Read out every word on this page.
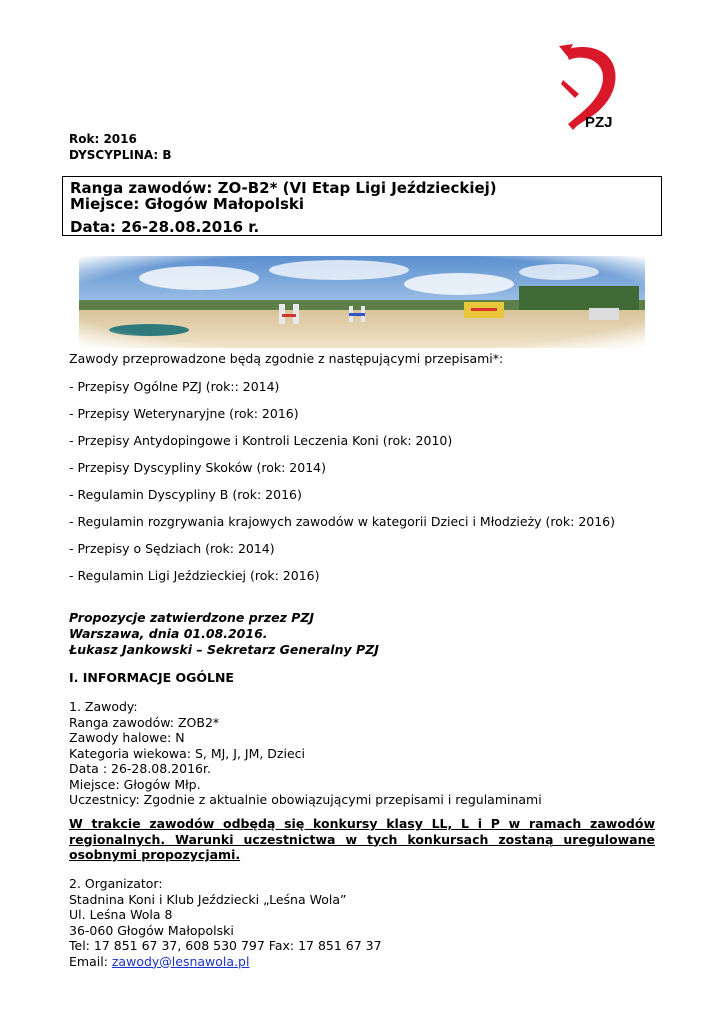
PZJ
Rok: 2016
DYSCYPLINA: B
Ranga zawodów: ZO-B2* (VI Etap Ligi Jeździeckiej)
Miejsce: Głogów Małopolski
Data: 26-28.08.2016 r.
Zawody przeprowadzone będą zgodnie z następującymi przepisami*:
- Przepisy Ogólne PZJ (rok:: 2014)
- Przepisy Weterynaryjne (rok: 2016)
- Przepisy Antydopingowe i Kontroli Leczenia Koni (rok: 2010)
- Przepisy Dyscypliny Skoków (rok: 2014)
- Regulamin Dyscypliny B (rok: 2016)
- Regulamin rozgrywania krajowych zawodów w kategorii Dzieci i Młodzieży (rok: 2016)
- Przepisy o Sędziach (rok: 2014)
- Regulamin Ligi Jeździeckiej (rok: 2016)
Propozycje zatwierdzone przez PZJ
Warszawa, dnia 01.08.2016.
Łukasz Jankowski – Sekretarz Generalny PZJ
I. INFORMACJE OGÓLNE
1. Zawody:
Ranga zawodów: ZOB2*
Zawody halowe: N
Kategoria wiekowa: S, MJ, J, JM, Dzieci
Data : 26-28.08.2016r.
Miejsce: Głogów Młp.
Uczestnicy: Zgodnie z aktualnie obowiązującymi przepisami i regulaminami
W trakcie zawodów odbędą się konkursy klasy LL, L i P w ramach zawodów
regionalnych. Warunki uczestnictwa w tych konkursach zostaną uregulowane
osobnymi propozycjami.
2. Organizator:
Stadnina Koni i Klub Jeździecki „Leśna Wola”
Ul. Leśna Wola 8
36-060 Głogów Małopolski
Tel: 17 851 67 37, 608 530 797 Fax: 17 851 67 37
Email: zawody@lesnawola.pl
